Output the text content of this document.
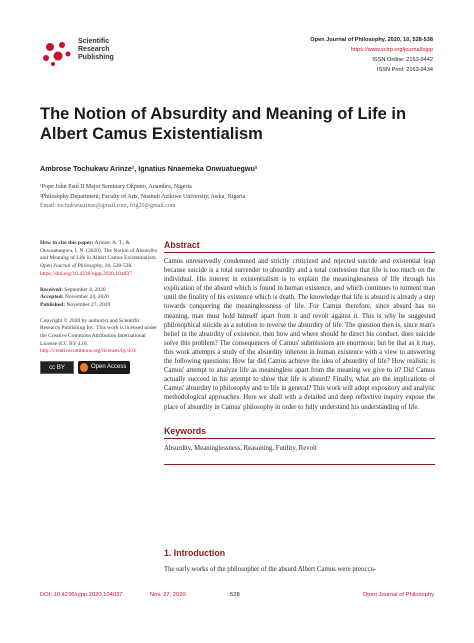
Scientific
Research
Publishing
Open Journal of Philosophy, 2020, 10, 528-538
https://www.scirp.org/journal/ojpp
ISSN Online: 2163-9442
ISSN Print: 2163-9434
The Notion of Absurdity and Meaning of Life in Albert Camus Existentialism
Ambrose Tochukwu Arinze¹, Ignatius Nnaemeka Onwuatuegwu²
¹Pope John Paul II Major Seminary Okpuno, Anambra, Nigeria
²Philosophy Department, Faculty of Arts, Nnamdi Azikiwe University, Awka, Nigeria
Email: tochukwuarinze@gmail.com, frig20@gmail.com
How to cite this paper: Arinze, A. T., & Onwuatuegwu, I. N. (2020). The Notion of Absurdity and Meaning of Life in Albert Camus Existentialism. Open Journal of Philosophy, 10, 528-538. https://doi.org/10.4236/ojpp.2020.104037
Received: September 4, 2020
Accepted: November 24, 2020
Published: November 27, 2020
Copyright © 2020 by author(s) and Scientific Research Publishing Inc. This work is licensed under the Creative Commons Attribution International License (CC BY 4.0). http://creativecommons.org/licenses/by/4.0/
cc BY	Open Access
Abstract

Camus unreservedly condemned and strictly criticized and rejected suicide and existential leap because suicide is a total surrender to absurdity and a total confession that life is too much on the individual. His interest in existentialism is to explain the meaninglessness of life through his explication of the absurd which is found in human existence, and which continues to torment man until the finality of his existence which is death. The knowledge that life is absurd is already a step towards conquering the meaninglessness of life. For Camus therefore, since absurd has no meaning, man must hold himself apart from it and revolt against it. This is why he suggested philosophical suicide as a solution to reverse the absurdity of life. The question then is, since man's belief in the absurdity of existence, then how and where should he direct his conduct, does suicide solve this problem? The consequences of Camus' submissions are enormous; but be that as it may, this work attempts a study of the absurdity inherent in human existence with a view to answering the following questions: How far did Camus achieve the idea of absurdity of life? How realistic is Camus' attempt to analyze life as meaningless apart from the meaning we give to it? Did Camus actually succeed in his attempt to show that life is absurd? Finally, what are the implications of Camus' absurdity to philosophy and to life in general? This work will adopt expository and analytic methodological approaches. Here we shall with a detailed and deep reflective inquiry expose the place of absurdity in Camus' philosophy in order to fully understand his understanding of life.

Keywords
Absurdity, Meaninglessness, Reasoning, Futility, Revolt
1. Introduction
The early works of the philosopher of the absurd Albert Camus were preoccu-
DOI: 10.4236/ojpp.2020.104037	Nov. 27, 2020	528	Open Journal of Philosophy
